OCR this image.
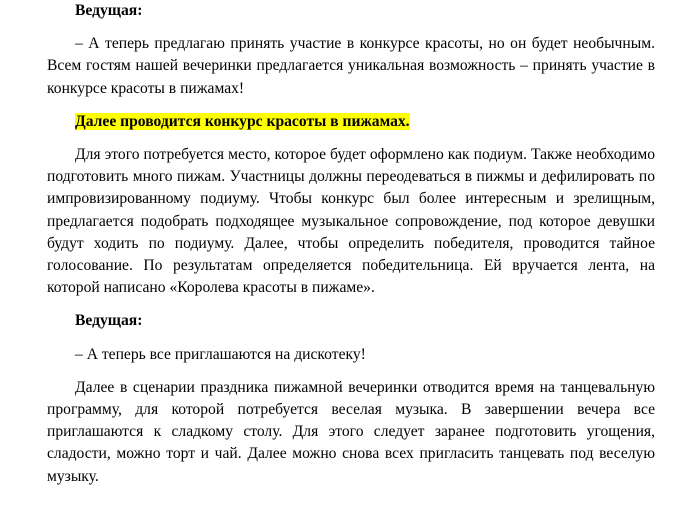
Ведущая:

– А теперь предлагаю принять участие в конкурсе красоты, но он будет необычным. Всем гостям нашей вечеринки предлагается уникальная возможность – принять участие в конкурсе красоты в пижамах!

Далее проводится конкурс красоты в пижамах.

Для этого потребуется место, которое будет оформлено как подиум. Также необходимо подготовить много пижам. Участницы должны переодеваться в пижмы и дефилировать по импровизированному подиуму. Чтобы конкурс был более интересным и зрелищным, предлагается подобрать подходящее музыкальное сопровождение, под которое девушки будут ходить по подиуму. Далее, чтобы определить победителя, проводится тайное голосование. По результатам определяется победительница. Ей вручается лента, на которой написано «Королева красоты в пижаме».

Ведущая:

– А теперь все приглашаются на дискотеку!

Далее в сценарии праздника пижамной вечеринки отводится время на танцевальную программу, для которой потребуется веселая музыка. В завершении вечера все приглашаются к сладкому столу. Для этого следует заранее подготовить угощения, сладости, можно торт и чай. Далее можно снова всех пригласить танцевать под веселую музыку.
